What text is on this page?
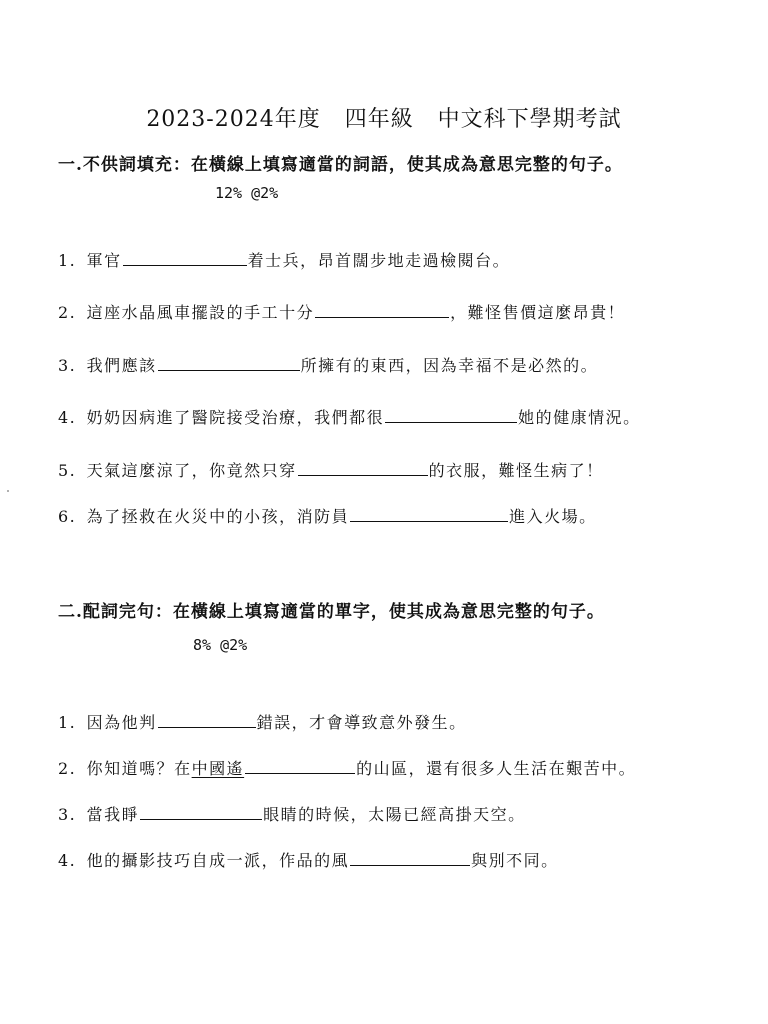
2023-2024年度   四年級   中文科下學期考試
一.不供詞填充：在橫線上填寫適當的詞語，使其成為意思完整的句子。
12% @2%
1. 軍官	着士兵，昂首闊步地走過檢閱台。
2. 這座水晶風車擺設的手工十分	，難怪售價這麼昂貴！
3. 我們應該	所擁有的東西，因為幸福不是必然的。
4. 奶奶因病進了醫院接受治療，我們都很	她的健康情況。
5. 天氣這麼涼了，你竟然只穿	的衣服，難怪生病了！
6. 為了拯救在火災中的小孩，消防員	進入火場。
二.配詞完句：在橫線上填寫適當的單字，使其成為意思完整的句子。
8% @2%
1. 因為他判	錯誤，才會導致意外發生。
2. 你知道嗎？在中國遙	的山區，還有很多人生活在艱苦中。
3. 當我睜	眼睛的時候，太陽已經高掛天空。
4. 他的攝影技巧自成一派，作品的風	與別不同。
